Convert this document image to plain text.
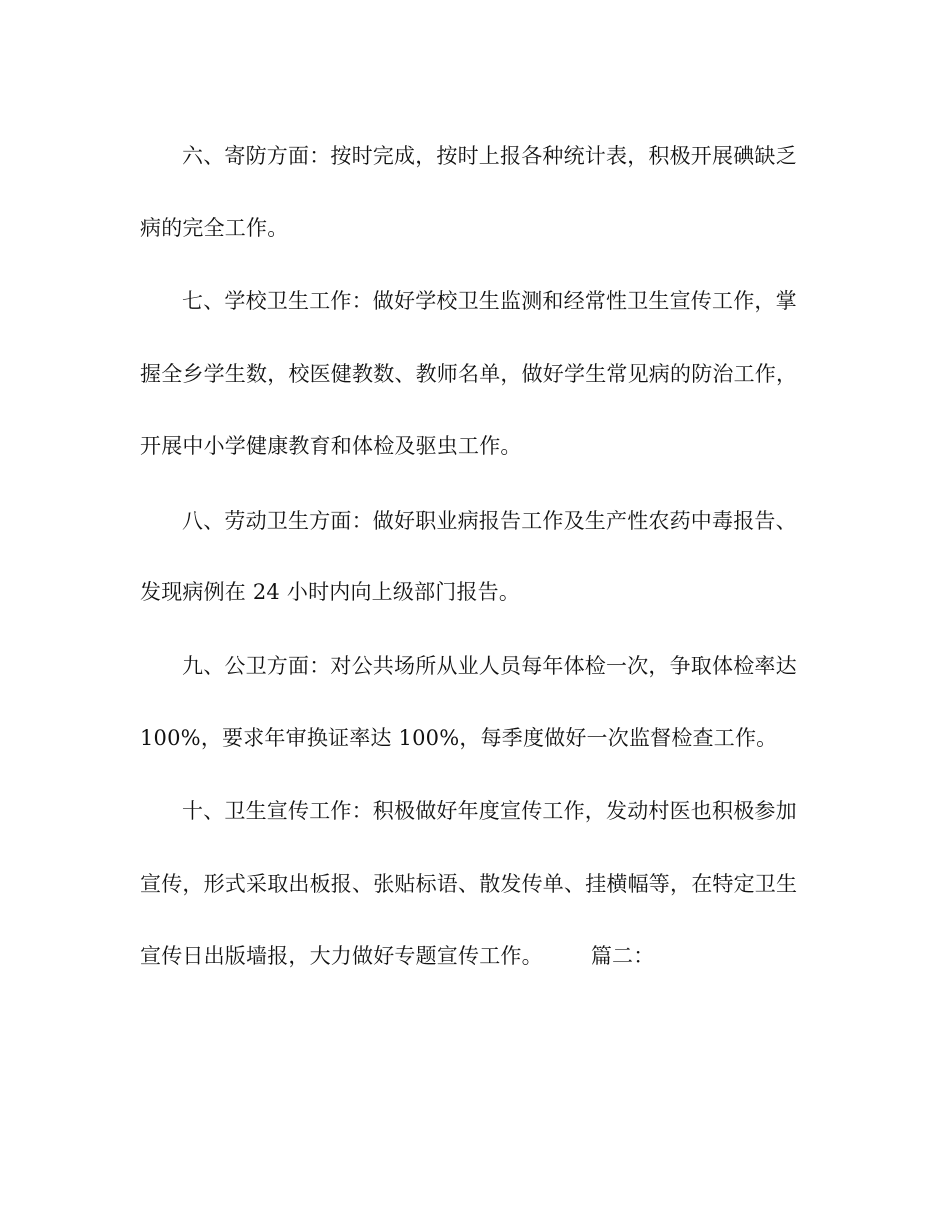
六、寄防方面：按时完成，按时上报各种统计表，积极开展碘缺乏
病的完全工作。
七、学校卫生工作：做好学校卫生监测和经常性卫生宣传工作，掌
握全乡学生数，校医健教数、教师名单，做好学生常见病的防治工作，
开展中小学健康教育和体检及驱虫工作。
八、劳动卫生方面：做好职业病报告工作及生产性农药中毒报告、
发现病例在 24 小时内向上级部门报告。
九、公卫方面：对公共场所从业人员每年体检一次，争取体检率达
100%，要求年审换证率达 100%，每季度做好一次监督检查工作。
十、卫生宣传工作：积极做好年度宣传工作，发动村医也积极参加
宣传，形式采取出板报、张贴标语、散发传单、挂横幅等，在特定卫生
宣传日出版墙报，大力做好专题宣传工作。 篇二：
